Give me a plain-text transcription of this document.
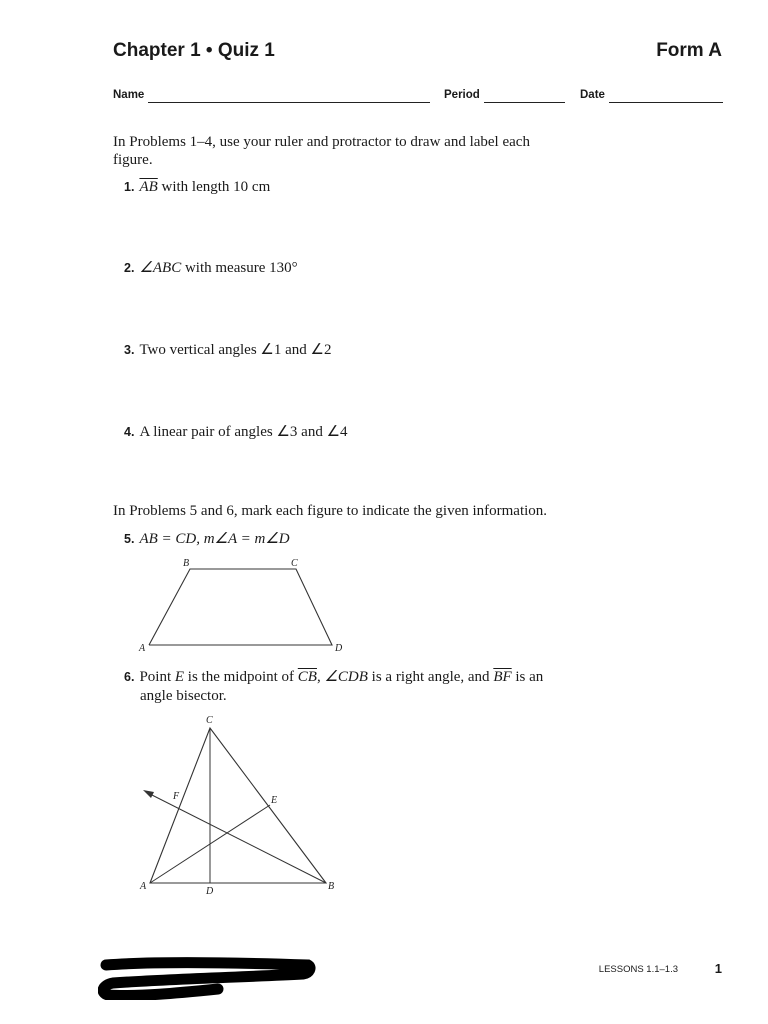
Chapter 1 • Quiz 1	Form A
Name	Period	Date
In Problems 1–4, use your ruler and protractor to draw and label each figure.
1. $\overline{AB}$ with length 10 cm
2. ∠ABC with measure 130°
3. Two vertical angles ∠1 and ∠2
4. A linear pair of angles ∠3 and ∠4
In Problems 5 and 6, mark each figure to indicate the given information.
5. AB = CD, m∠A = m∠D
B	C
A	D
6. Point E is the midpoint of $\overline{CB}$, ∠CDB is a right angle, and $\overline{BF}$ is an
angle bisector.
C
F	E
A	D	B
LESSONS 1.1–1.3	1
